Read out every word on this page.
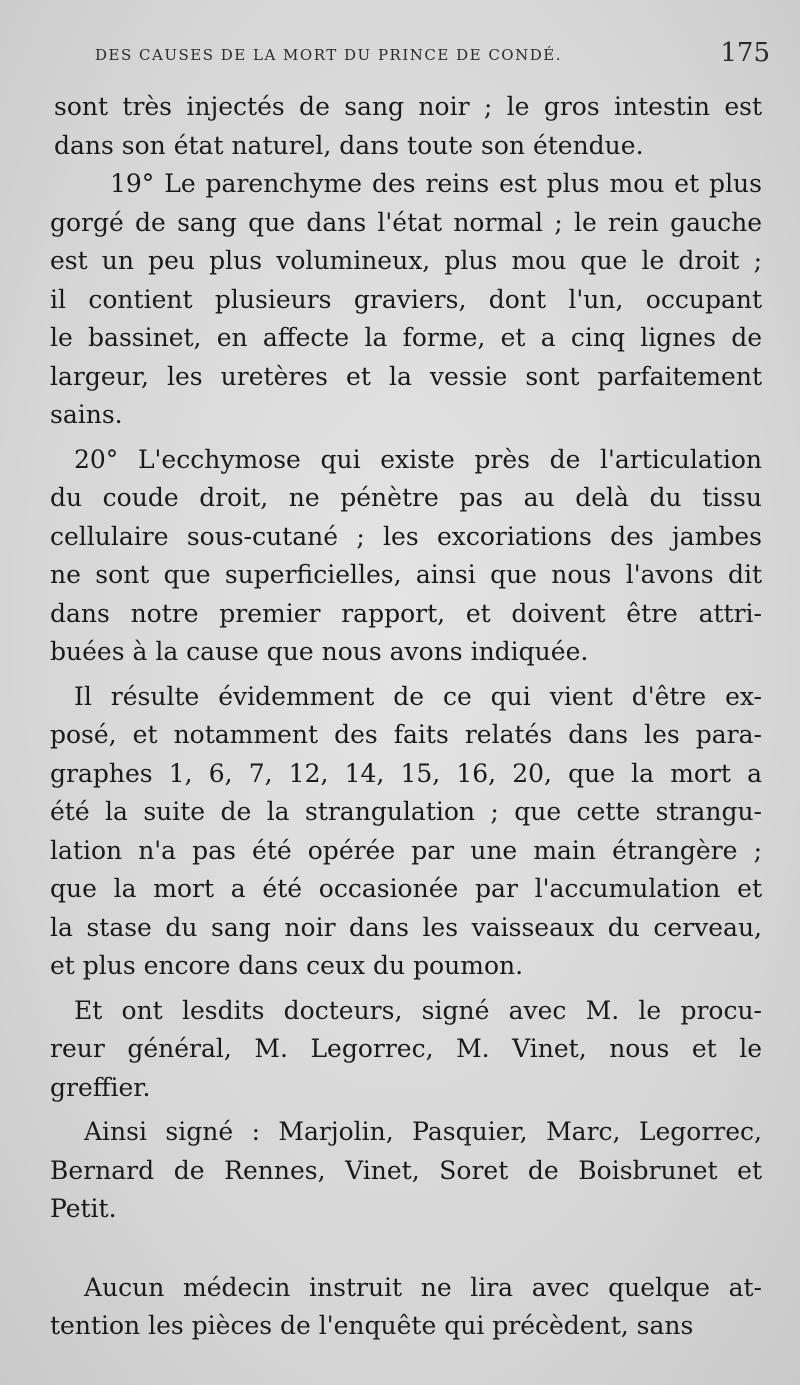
DES CAUSES DE LA MORT DU PRINCE DE CONDÉ.	175

sont très injectés de sang noir ; le gros intestin est
dans son état naturel, dans toute son étendue.

19° Le parenchyme des reins est plus mou et plus
gorgé de sang que dans l'état normal ; le rein gauche
est un peu plus volumineux, plus mou que le droit ;
il contient plusieurs graviers, dont l'un, occupant
le bassinet, en affecte la forme, et a cinq lignes de
largeur, les uretères et la vessie sont parfaitement
sains.

20° L'ecchymose qui existe près de l'articulation
du coude droit, ne pénètre pas au delà du tissu
cellulaire sous-cutané ; les excoriations des jambes
ne sont que superficielles, ainsi que nous l'avons dit
dans notre premier rapport, et doivent être attri-
buées à la cause que nous avons indiquée.

Il résulte évidemment de ce qui vient d'être ex-
posé, et notamment des faits relatés dans les para-
graphes 1, 6, 7, 12, 14, 15, 16, 20, que la mort a
été la suite de la strangulation ; que cette strangu-
lation n'a pas été opérée par une main étrangère ;
que la mort a été occasionée par l'accumulation et
la stase du sang noir dans les vaisseaux du cerveau,
et plus encore dans ceux du poumon.

Et ont lesdits docteurs, signé avec M. le procu-
reur général, M. Legorrec, M. Vinet, nous et le
greffier.

Ainsi signé : Marjolin, Pasquier, Marc, Legorrec,
Bernard de Rennes, Vinet, Soret de Boisbrunet et
Petit.

Aucun médecin instruit ne lira avec quelque at-
tention les pièces de l'enquête qui précèdent, sans
